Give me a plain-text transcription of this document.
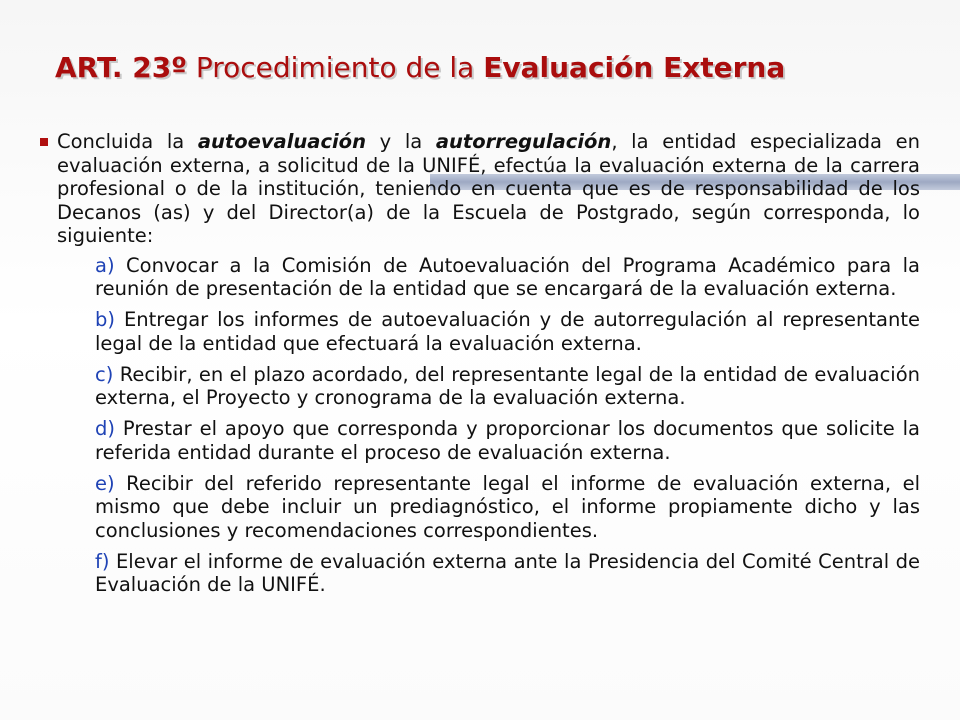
ART. 23º Procedimiento de la Evaluación Externa

Concluida la autoevaluación y la autorregulación, la entidad especializada en evaluación externa, a solicitud de la UNIFÉ, efectúa la evaluación externa de la carrera profesional o de la institución, teniendo en cuenta que es de responsabilidad de los Decanos (as) y del Director(a) de la Escuela de Postgrado, según corresponda, lo siguiente:

a) Convocar a la Comisión de Autoevaluación del Programa Académico para la reunión de presentación de la entidad que se encargará de la evaluación externa.
b) Entregar los informes de autoevaluación y de autorregulación al representante legal de la entidad que efectuará la evaluación externa.
c) Recibir, en el plazo acordado, del representante legal de la entidad de evaluación externa, el Proyecto y cronograma de la evaluación externa.
d) Prestar el apoyo que corresponda y proporcionar los documentos que solicite la referida entidad durante el proceso de evaluación externa.
e) Recibir del referido representante legal el informe de evaluación externa, el mismo que debe incluir un prediagnóstico, el informe propiamente dicho y las conclusiones y recomendaciones correspondientes.
f) Elevar el informe de evaluación externa ante la Presidencia del Comité Central de Evaluación de la UNIFÉ.
